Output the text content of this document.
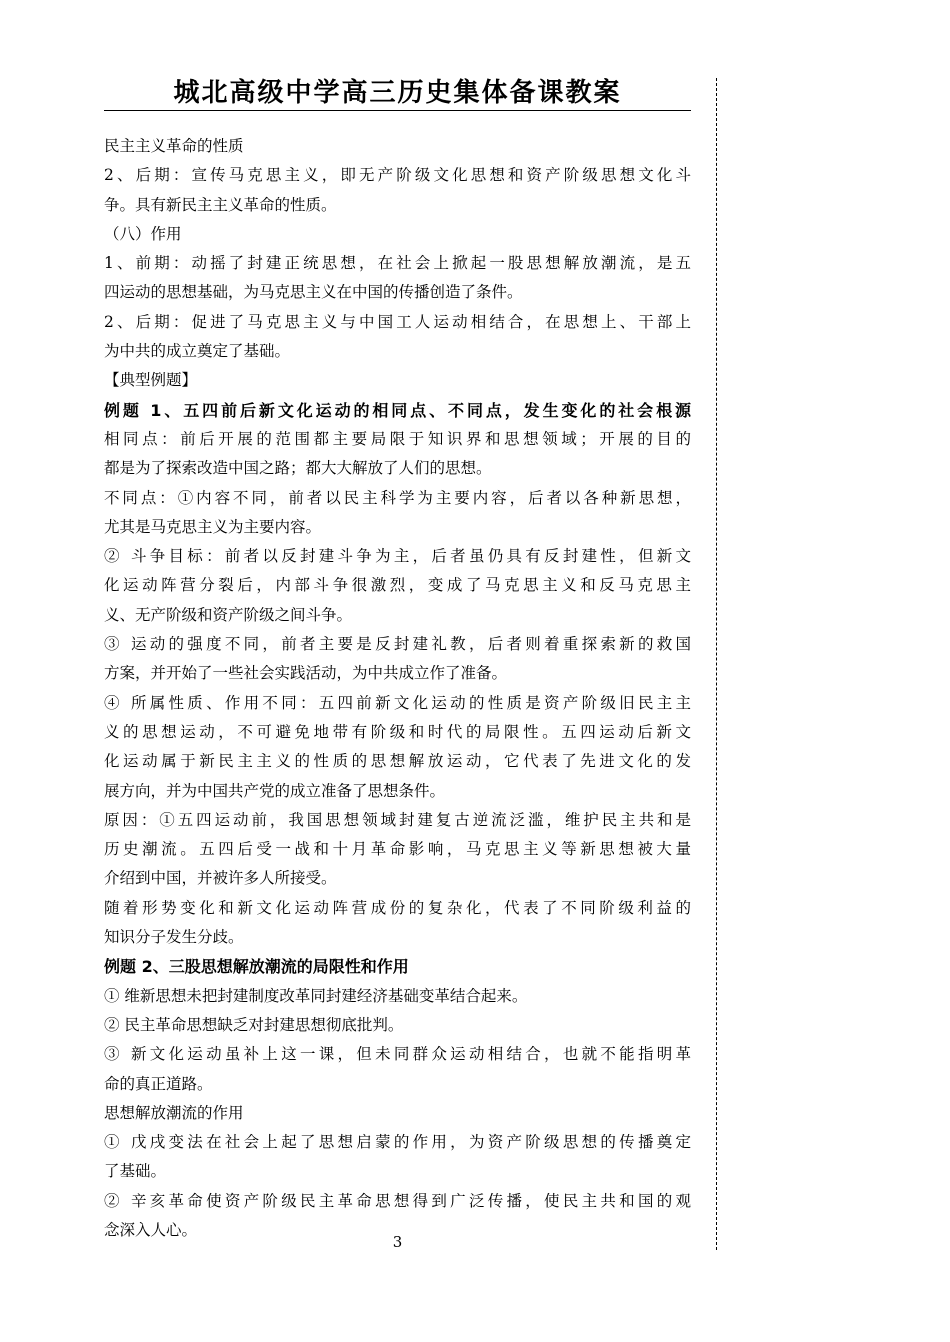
城北高级中学高三历史集体备课教案
民主主义革命的性质
2、后期：宣传马克思主义，即无产阶级文化思想和资产阶级思想文化斗
争。具有新民主主义革命的性质。
（八）作用
1、前期：动摇了封建正统思想，在社会上掀起一股思想解放潮流，是五
四运动的思想基础，为马克思主义在中国的传播创造了条件。
2、后期：促进了马克思主义与中国工人运动相结合，在思想上、干部上
为中共的成立奠定了基础。
【典型例题】
例题 1、五四前后新文化运动的相同点、不同点，发生变化的社会根源
相同点：前后开展的范围都主要局限于知识界和思想领域；开展的目的
都是为了探索改造中国之路；都大大解放了人们的思想。
不同点：①内容不同，前者以民主科学为主要内容，后者以各种新思想，
尤其是马克思主义为主要内容。
② 斗争目标：前者以反封建斗争为主，后者虽仍具有反封建性，但新文
化运动阵营分裂后，内部斗争很激烈，变成了马克思主义和反马克思主
义、无产阶级和资产阶级之间斗争。
③ 运动的强度不同，前者主要是反封建礼教，后者则着重探索新的救国
方案，并开始了一些社会实践活动，为中共成立作了准备。
④ 所属性质、作用不同：五四前新文化运动的性质是资产阶级旧民主主
义的思想运动，不可避免地带有阶级和时代的局限性。五四运动后新文
化运动属于新民主主义的性质的思想解放运动，它代表了先进文化的发
展方向，并为中国共产党的成立准备了思想条件。
原因：①五四运动前，我国思想领域封建复古逆流泛滥，维护民主共和是
历史潮流。五四后受一战和十月革命影响，马克思主义等新思想被大量
介绍到中国，并被许多人所接受。
随着形势变化和新文化运动阵营成份的复杂化，代表了不同阶级利益的
知识分子发生分歧。
例题 2、三股思想解放潮流的局限性和作用
① 维新思想未把封建制度改革同封建经济基础变革结合起来。
② 民主革命思想缺乏对封建思想彻底批判。
③ 新文化运动虽补上这一课，但未同群众运动相结合，也就不能指明革
命的真正道路。
思想解放潮流的作用
① 戊戌变法在社会上起了思想启蒙的作用，为资产阶级思想的传播奠定
了基础。
② 辛亥革命使资产阶级民主革命思想得到广泛传播，使民主共和国的观
念深入人心。
3
